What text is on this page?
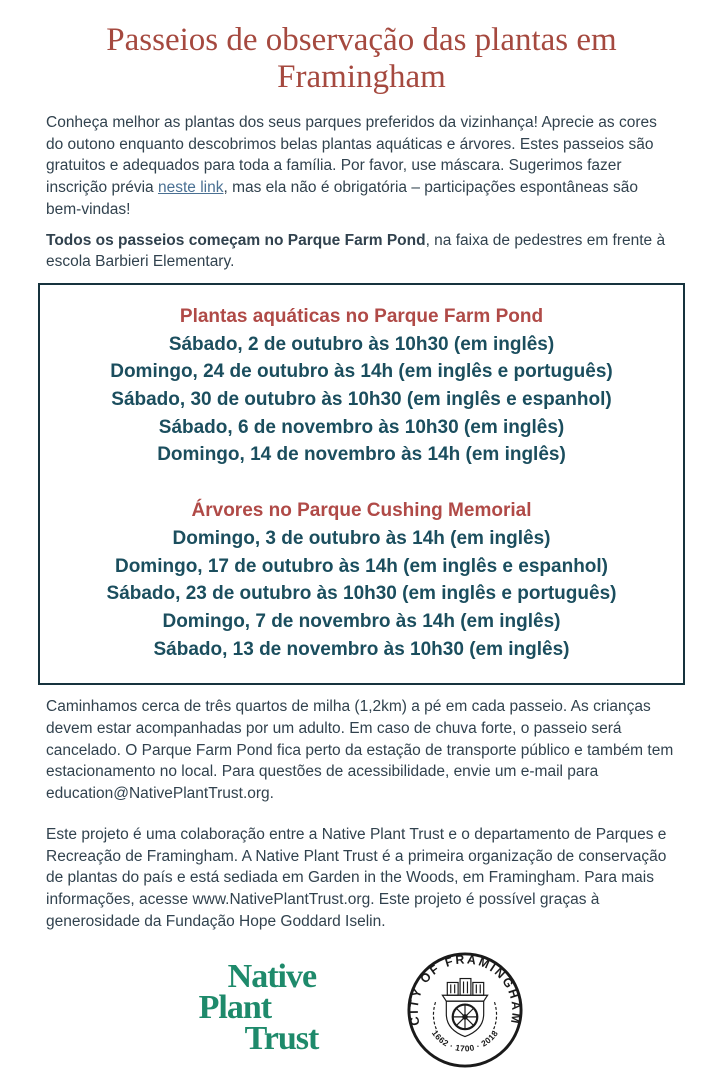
Passeios de observação das plantas em
Framingham

Conheça melhor as plantas dos seus parques preferidos da vizinhança! Aprecie as cores do outono enquanto descobrimos belas plantas aquáticas e árvores. Estes passeios são gratuitos e adequados para toda a família. Por favor, use máscara. Sugerimos fazer inscrição prévia neste link, mas ela não é obrigatória – participações espontâneas são bem-vindas!

Todos os passeios começam no Parque Farm Pond, na faixa de pedestres em frente à escola Barbieri Elementary.

Plantas aquáticas no Parque Farm Pond
Sábado, 2 de outubro às 10h30 (em inglês)
Domingo, 24 de outubro às 14h (em inglês e português)
Sábado, 30 de outubro às 10h30 (em inglês e espanhol)
Sábado, 6 de novembro às 10h30 (em inglês)
Domingo, 14 de novembro às 14h (em inglês)
Árvores no Parque Cushing Memorial
Domingo, 3 de outubro às 14h (em inglês)
Domingo, 17 de outubro às 14h (em inglês e espanhol)
Sábado, 23 de outubro às 10h30 (em inglês e português)
Domingo, 7 de novembro às 14h (em inglês)
Sábado, 13 de novembro às 10h30 (em inglês)

Caminhamos cerca de três quartos de milha (1,2km) a pé em cada passeio. As crianças devem estar acompanhadas por um adulto. Em caso de chuva forte, o passeio será cancelado. O Parque Farm Pond fica perto da estação de transporte público e também tem estacionamento no local. Para questões de acessibilidade, envie um e-mail para education@NativePlantTrust.org.

Este projeto é uma colaboração entre a Native Plant Trust e o departamento de Parques e Recreação de Framingham. A Native Plant Trust é a primeira organização de conservação de plantas do país e está sediada em Garden in the Woods, em Framingham. Para mais informações, acesse www.NativePlantTrust.org. Este projeto é possível graças à generosidade da Fundação Hope Goddard Iselin.

Native
Plant
Trust	CITY OF FRAMINGHAM
1662 · 1700 · 2018
